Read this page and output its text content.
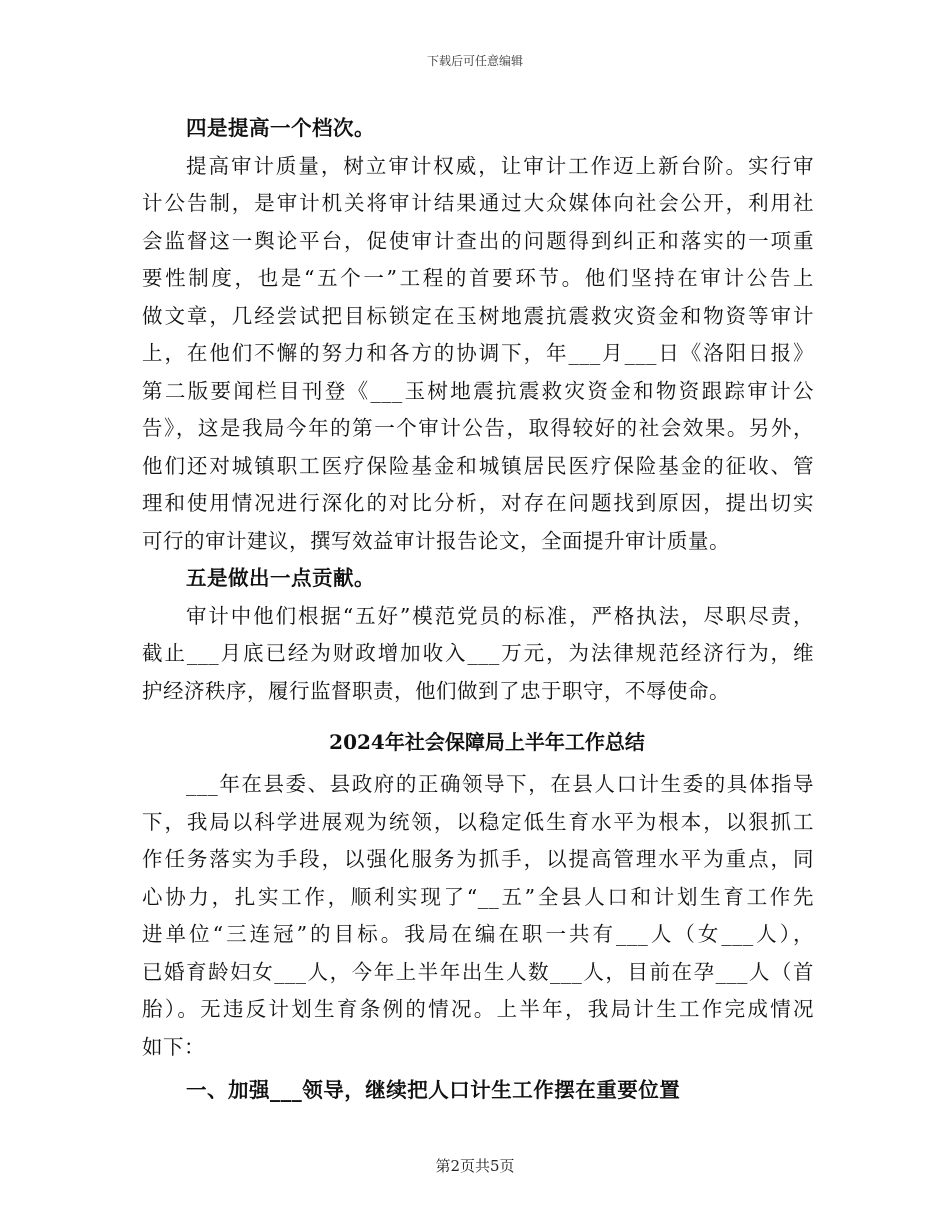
下载后可任意编辑
四是提高一个档次。
提高审计质量，树立审计权威，让审计工作迈上新台阶。实行审
计公告制，是审计机关将审计结果通过大众媒体向社会公开，利用社
会监督这一舆论平台，促使审计查出的问题得到纠正和落实的一项重
要性制度，也是“五个一”工程的首要环节。他们坚持在审计公告上
做文章，几经尝试把目标锁定在玉树地震抗震救灾资金和物资等审计
上，在他们不懈的努力和各方的协调下，年___月___日《洛阳日报》
第二版要闻栏目刊登《___玉树地震抗震救灾资金和物资跟踪审计公
告》，这是我局今年的第一个审计公告，取得较好的社会效果。另外，
他们还对城镇职工医疗保险基金和城镇居民医疗保险基金的征收、管
理和使用情况进行深化的对比分析，对存在问题找到原因，提出切实
可行的审计建议，撰写效益审计报告论文，全面提升审计质量。
五是做出一点贡献。
审计中他们根据“五好”模范党员的标准，严格执法，尽职尽责，
截止___月底已经为财政增加收入___万元，为法律规范经济行为，维
护经济秩序，履行监督职责，他们做到了忠于职守，不辱使命。
2024年社会保障局上半年工作总结
___年在县委、县政府的正确领导下，在县人口计生委的具体指导
下，我局以科学进展观为统领，以稳定低生育水平为根本，以狠抓工
作任务落实为手段，以强化服务为抓手，以提高管理水平为重点，同
心协力，扎实工作，顺利实现了“__五”全县人口和计划生育工作先
进单位“三连冠”的目标。我局在编在职一共有___人（女___人），
已婚育龄妇女___人，今年上半年出生人数___人，目前在孕___人（首
胎）。无违反计划生育条例的情况。上半年，我局计生工作完成情况
如下：
一、加强___领导，继续把人口计生工作摆在重要位置
第2页共5页
